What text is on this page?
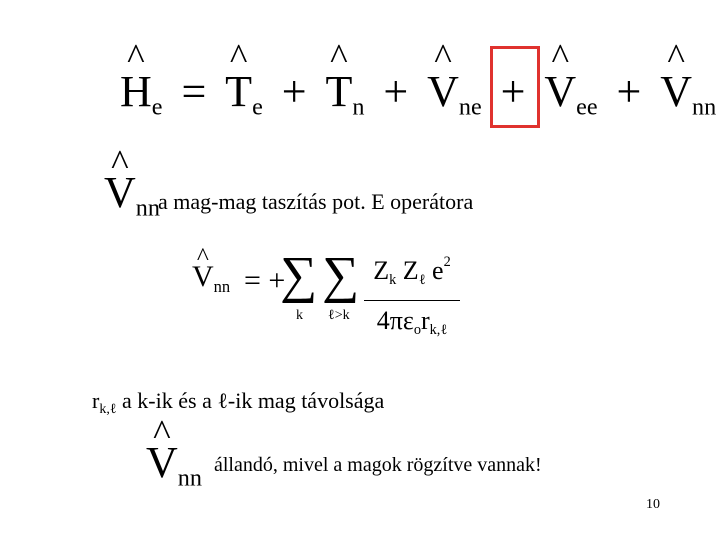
^ $H_e$ = ^ $T_e$ + ^ $T_n$ + ^ $V_{ne}$ + ^ $V_{ee}$ + ^ $V_{nn}$
^ $V_{nn}$
a mag-mag taszítás pot. E operátora
^ $V_{nn}$ = +
∑
k
∑
ℓ>k
$Z_k$ $Z_\ell$ $e^2$
$4\pi\varepsilon_or_{k,\ell}$
$r_{k,\ell}$ a k-ik és a ℓ-ik mag távolsága
^ $V_{nn}$ állandó, mivel a magok rögzítve vannak!
10
